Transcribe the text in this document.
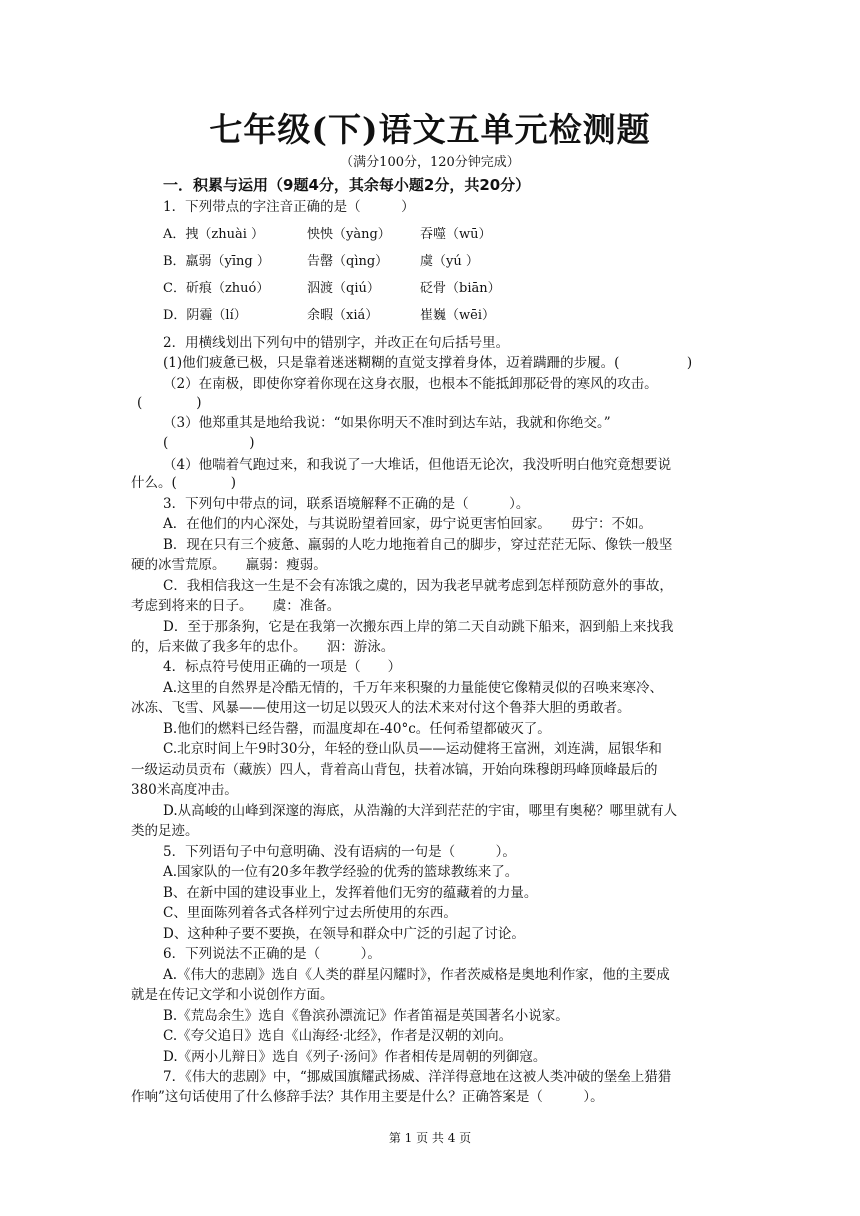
七年级(下)语文五单元检测题
（满分100分，120分钟完成）
一．积累与运用（9题4分，其余每小题2分，共20分）
1．下列带点的字注音正确的是（　　　）
A．拽（zhuài ）	怏怏（yàng） 吞噬（wū）
B．羸弱（yīng ）	告罄（qìng） 虞（yú ）
C．斫痕（zhuó）	泅渡（qiú）	砭骨（biān）
D．阴霾（lí）	余暇（xiá）	崔巍（wēi）
2．用横线划出下列句中的错别字，并改正在句后括号里。
(1)他们疲惫已极，只是靠着迷迷糊糊的直觉支撑着身体，迈着蹒跚的步履。(　　　　　)
（2）在南极，即使你穿着你现在这身衣服，也根本不能抵卸那砭骨的寒风的攻击。
(　　　　)
（3）他郑重其是地给我说：“如果你明天不准时到达车站，我就和你绝交。”
(　　　　　　)
（4）他喘着气跑过来，和我说了一大堆话，但他语无论次，我没听明白他究竟想要说
什么。(　　　　)
3．下列句中带点的词，联系语境解释不正确的是（　　　）。
A．在他们的内心深处，与其说盼望着回家，毋宁说更害怕回家。　　毋宁：不如。
B．现在只有三个疲惫、羸弱的人吃力地拖着自己的脚步，穿过茫茫无际、像铁一般坚
硬的冰雪荒原。　　羸弱：瘦弱。
C．我相信我这一生是不会有冻饿之虞的，因为我老早就考虑到怎样预防意外的事故，
考虑到将来的日子。　　虞：准备。
D．至于那条狗，它是在我第一次搬东西上岸的第二天自动跳下船来，泅到船上来找我
的，后来做了我多年的忠仆。　　泅：游泳。
4．标点符号使用正确的一项是（　　）
A.这里的自然界是冷酷无情的，千万年来积聚的力量能使它像精灵似的召唤来寒冷、
冰冻、飞雪、风暴——使用这一切足以毁灭人的法术来对付这个鲁莽大胆的勇敢者。
B.他们的燃料已经告罄，而温度却在-40°c。任何希望都破灭了。
C.北京时间上午9时30分，年轻的登山队员——运动健将王富洲，刘连满，屈银华和
一级运动员贡布（藏族）四人，背着高山背包，扶着冰镐，开始向珠穆朗玛峰顶峰最后的
380米高度冲击。
D.从高峻的山峰到深邃的海底，从浩瀚的大洋到茫茫的宇宙，哪里有奥秘？哪里就有人
类的足迹。
5．下列语句子中句意明确、没有语病的一句是（　　　）。
A.国家队的一位有20多年教学经验的优秀的篮球教练来了。
B、在新中国的建设事业上，发挥着他们无穷的蕴藏着的力量。
C、里面陈列着各式各样列宁过去所使用的东西。
D、这种种子要不要换，在领导和群众中广泛的引起了讨论。
6．下列说法不正确的是（　　　）。
A.《伟大的悲剧》选自《人类的群星闪耀时》，作者茨威格是奥地利作家，他的主要成
就是在传记文学和小说创作方面。
B.《荒岛余生》选自《鲁滨孙漂流记》作者笛福是英国著名小说家。
C.《夸父追日》选自《山海经·北经》，作者是汉朝的刘向。
D.《两小儿辩日》选自《列子·汤问》作者相传是周朝的列御寇。
7．《伟大的悲剧》中，“挪威国旗耀武扬威、洋洋得意地在这被人类冲破的堡垒上猎猎
作响”这句话使用了什么修辞手法？其作用主要是什么？正确答案是（　　　）。
第 1 页 共 4 页
